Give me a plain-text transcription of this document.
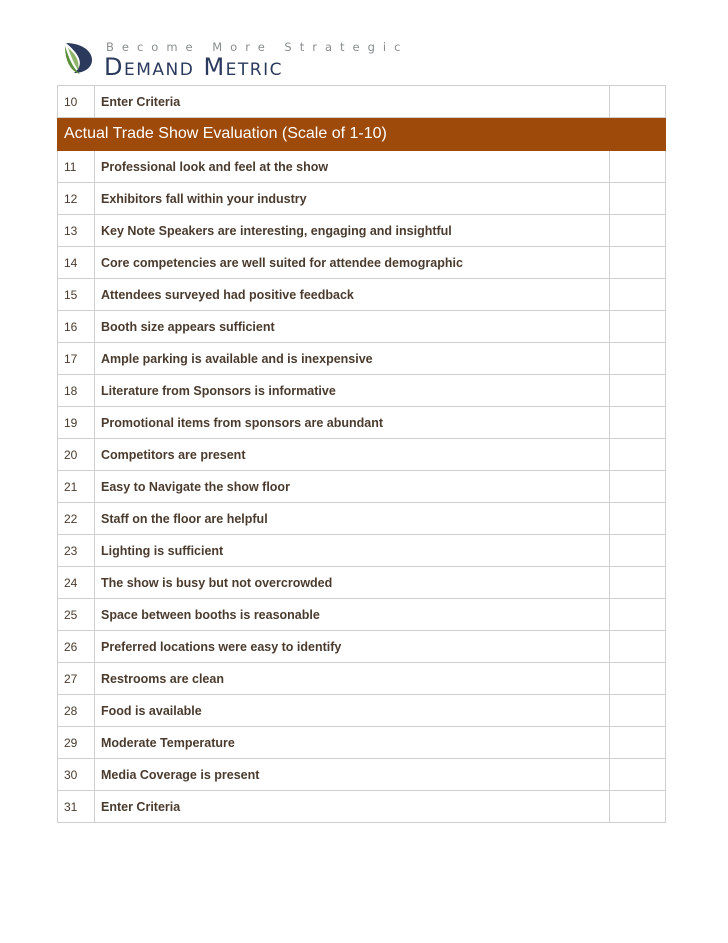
Become More Strategic
Demand Metric
10	Enter Criteria	
Actual Trade Show Evaluation (Scale of 1-10)		
11	Professional look and feel at the show	
12	Exhibitors fall within your industry	
13	Key Note Speakers are interesting, engaging and insightful	
14	Core competencies are well suited for attendee demographic	
15	Attendees surveyed had positive feedback	
16	Booth size appears sufficient	
17	Ample parking is available and is inexpensive	
18	Literature from Sponsors is informative	
19	Promotional items from sponsors are abundant	
20	Competitors are present	
21	Easy to Navigate the show floor	
22	Staff on the floor are helpful	
23	Lighting is sufficient	
24	The show is busy but not overcrowded	
25	Space between booths is reasonable	
26	Preferred locations were easy to identify	
27	Restrooms are clean	
28	Food is available	
29	Moderate Temperature	
30	Media Coverage is present	
31	Enter Criteria	
